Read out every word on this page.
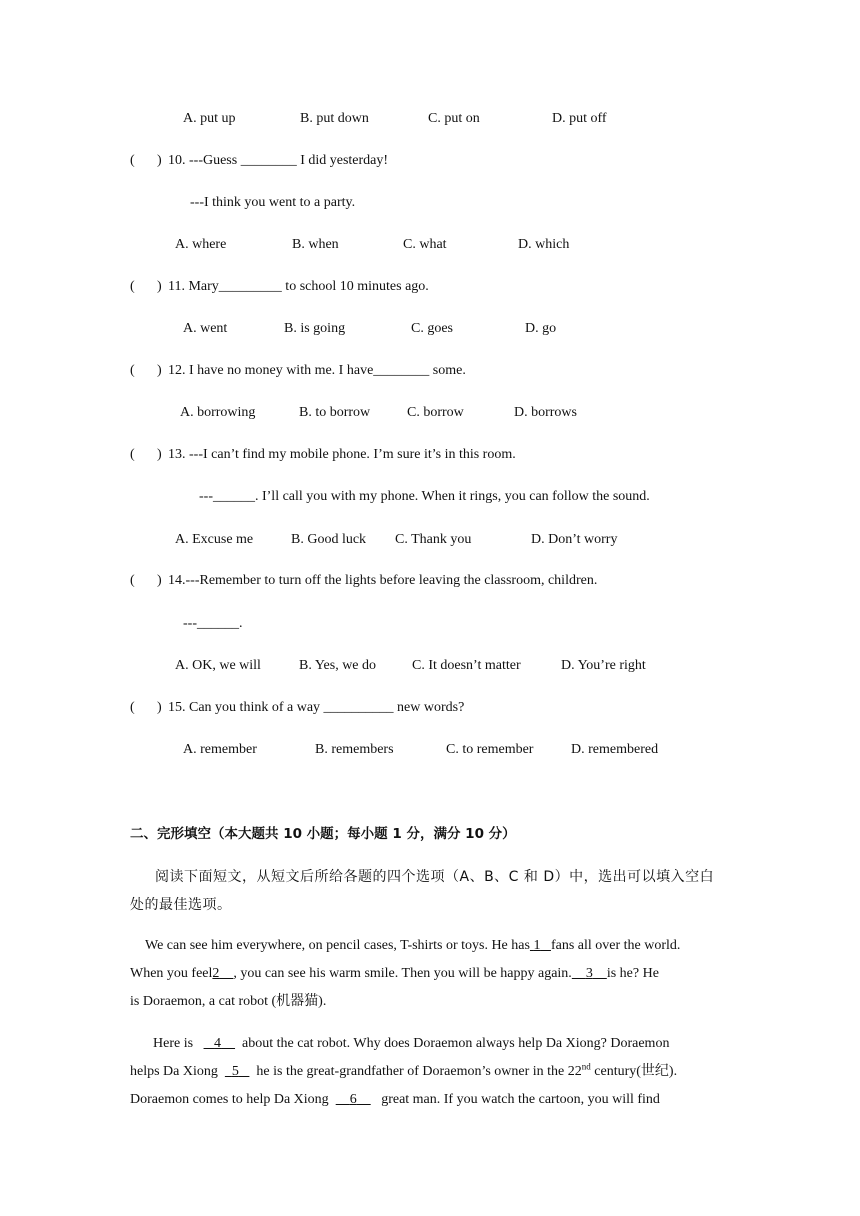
A. put up	B. put down	C. put on	D. put off
( ) 10. ---Guess ________ I did yesterday!
---I think you went to a party.
A. where	B. when	C. what	D. which
( ) 11. Mary_________ to school 10 minutes ago.
A. went	B. is going	C. goes	D. go
( ) 12. I have no money with me. I have________ some.
A. borrowing	B. to borrow	C. borrow	D. borrows
( ) 13. ---I can’t find my mobile phone. I’m sure it’s in this room.
---______. I’ll call you with my phone. When it rings, you can follow the sound.
A. Excuse me	B. Good luck C. Thank you	D. Don’t worry
( ) 14.---Remember to turn off the lights before leaving the classroom, children.
---______.
A. OK, we will	B. Yes, we do	C. It doesn’t matter	D. You’re right
( ) 15. Can you think of a way __________ new words?
A. remember	B. remembers	C. to remember	D. remembered
二、完形填空（本大题共 10 小题；每小题 1 分，满分 10 分）
阅读下面短文，从短文后所给各题的四个选项（A、B、C 和 D）中，选出可以填入空白
处的最佳选项。
We can see him everywhere, on pencil cases, T-shirts or toys. He has 1 fans all over the world.
When you feel2 , you can see his warm smile. Then you will be happy again. 3 is he? He
is Doraemon, a cat robot (机器猫).
Here is 4 about the cat robot. Why does Doraemon always help Da Xiong? Doraemon
helps Da Xiong 5 he is the great-grandfather of Doraemon’s owner in the 22nd century(世纪).
Doraemon comes to help Da Xiong 6 great man. If you watch the cartoon, you will find
